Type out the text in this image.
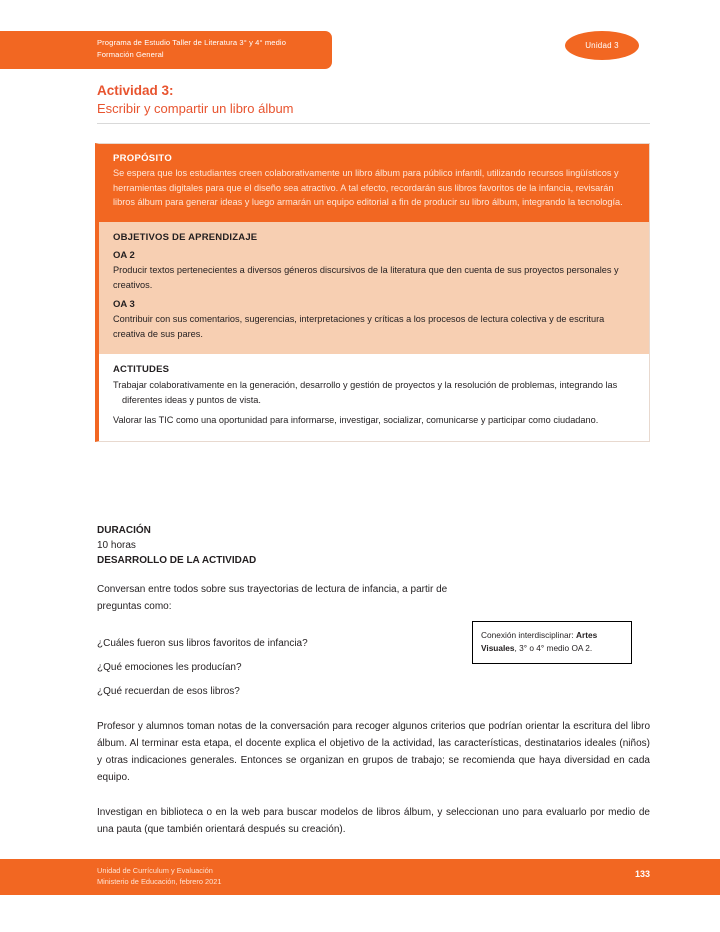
Programa de Estudio Taller de Literatura 3° y 4° medio
Formación General
Unidad 3
Actividad 3:
Escribir y compartir un libro álbum
PROPÓSITO
Se espera que los estudiantes creen colaborativamente un libro álbum para público infantil, utilizando recursos lingüísticos y herramientas digitales para que el diseño sea atractivo. A tal efecto, recordarán sus libros favoritos de la infancia, revisarán libros álbum para generar ideas y luego armarán un equipo editorial a fin de producir su libro álbum, integrando la tecnología.
OBJETIVOS DE APRENDIZAJE
OA 2
Producir textos pertenecientes a diversos géneros discursivos de la literatura que den cuenta de sus proyectos personales y creativos.
OA 3
Contribuir con sus comentarios, sugerencias, interpretaciones y críticas a los procesos de lectura colectiva y de escritura creativa de sus pares.
ACTITUDES
Trabajar colaborativamente en la generación, desarrollo y gestión de proyectos y la resolución de problemas, integrando las diferentes ideas y puntos de vista.
Valorar las TIC como una oportunidad para informarse, investigar, socializar, comunicarse y participar como ciudadano.
DURACIÓN
10 horas
DESARROLLO DE LA ACTIVIDAD
Conversan entre todos sobre sus trayectorias de lectura de infancia, a partir de preguntas como:
Conexión interdisciplinar: Artes Visuales, 3° o 4° medio OA 2.
¿Cuáles fueron sus libros favoritos de infancia?
¿Qué emociones les producían?
¿Qué recuerdan de esos libros?
Profesor y alumnos toman notas de la conversación para recoger algunos criterios que podrían orientar la escritura del libro álbum. Al terminar esta etapa, el docente explica el objetivo de la actividad, las características, destinatarios ideales (niños) y otras indicaciones generales. Entonces se organizan en grupos de trabajo; se recomienda que haya diversidad en cada equipo.
Investigan en biblioteca o en la web para buscar modelos de libros álbum, y seleccionan uno para evaluarlo por medio de una pauta (que también orientará después su creación).
Unidad de Currículum y Evaluación
Ministerio de Educación, febrero 2021
133
